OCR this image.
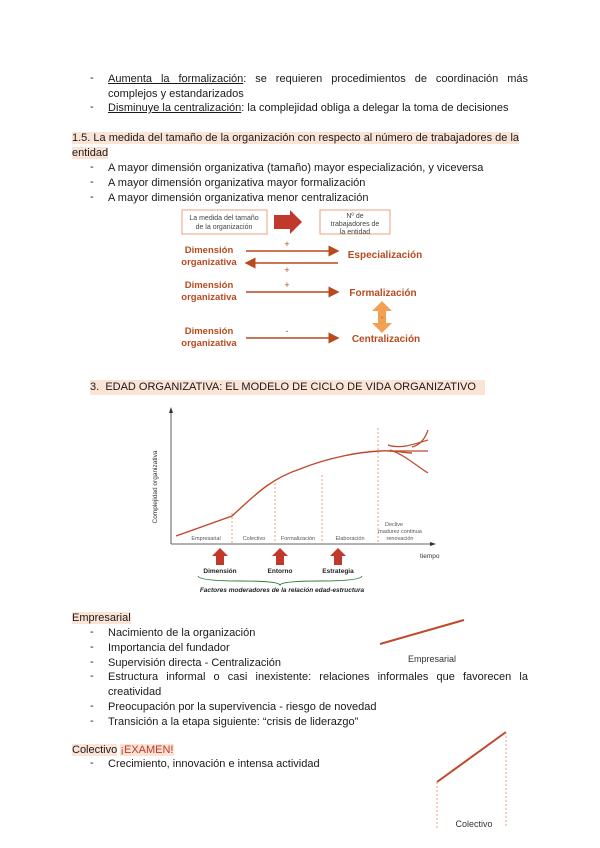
- Aumenta la formalización: se requieren procedimientos de coordinación más
complejos y estandarizados
- Disminuye la centralización: la complejidad obliga a delegar la toma de decisiones
1.5. La medida del tamaño de la organización con respecto al número de trabajadores de la
entidad
- A mayor dimensión organizativa (tamaño) mayor especialización, y viceversa
- A mayor dimensión organizativa mayor formalización
- A mayor dimensión organizativa menor centralización
La medida del tamaño
de la organización
Nº de
trabajadores de
la entidad
Dimensión
organizativa
+
+
Especialización
Dimensión
organizativa
+
Formalización
-
Dimensión
organizativa
-
Centralización
3. EDAD ORGANIZATIVA: EL MODELO DE CICLO DE VIDA ORGANIZATIVO
Complejidad organizativa
tiempo
Empresarial	Colectivo	Formalización	Elaboración
Declive
madurez continua
renovación
Dimensión	Entorno	Estrategia
Factores moderadores de la relación edad-estructura
Empresarial
- Nacimiento de la organización
- Importancia del fundador
- Supervisión directa - Centralización
- Estructura informal o casi inexistente: relaciones informales que favorecen la
creatividad
- Preocupación por la supervivencia - riesgo de novedad
- Transición a la etapa siguiente: “crisis de liderazgo”
Empresarial
Colectivo ¡EXAMEN!
- Crecimiento, innovación e intensa actividad
Colectivo
